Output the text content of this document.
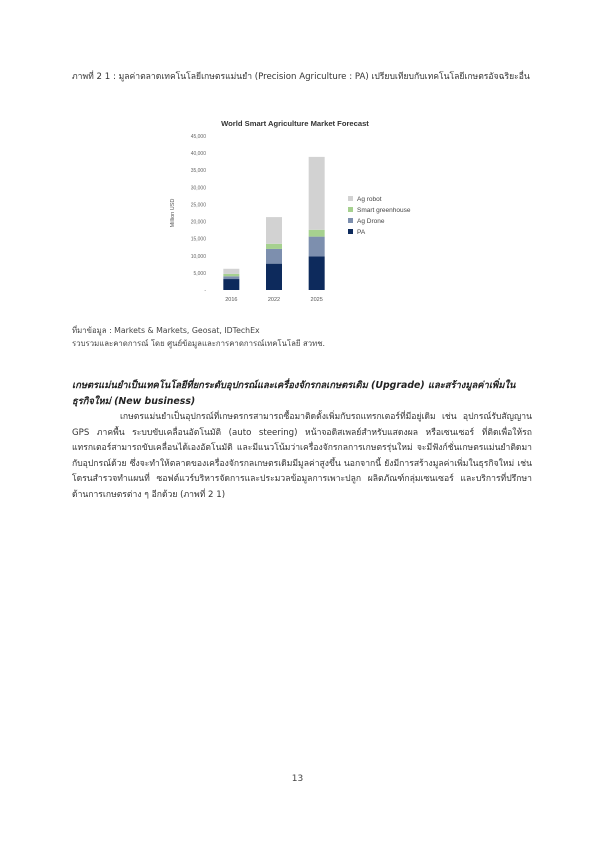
ภาพที่ 2 1 : มูลค่าตลาดเทคโนโลยีเกษตรแม่นยำ (Precision Agriculture : PA) เปรียบเทียบกับเทคโนโลยีเกษตรอัจฉริยะอื่น
World Smart Agriculture Market Forecast
-
5,000
10,000
15,000
20,000
25,000
30,000
35,000
40,000
45,000
Million USD
2016	2022	2025
Ag robot
Smart greenhouse
Ag Drone
PA
ที่มาข้อมูล : Markets & Markets, Geosat, IDTechEx
รวบรวมและคาดการณ์ โดย ศูนย์ข้อมูลและการคาดการณ์เทคโนโลยี สวทช.
เกษตรแม่นยำเป็นเทคโนโลยีที่ยกระดับอุปกรณ์และเครื่องจักรกลเกษตรเดิม (Upgrade) และสร้างมูลค่าเพิ่มในธุรกิจใหม่ (New business)
เกษตรแม่นยำเป็นอุปกรณ์ที่เกษตรกรสามารถซื้อมาติดตั้งเพิ่มกับรถแทรกเตอร์ที่มีอยู่เดิม เช่น อุปกรณ์รับสัญญาน GPS ภาคพื้น ระบบขับเคลื่อนอัตโนมัติ (auto steering) หน้าจอดิสเพลย์สำหรับแสดงผล หรือเซนเซอร์ ที่ติดเพื่อให้รถแทรกเตอร์สามารถขับเคลื่อนได้เองอัตโนมัติ และมีแนวโน้มว่าเครื่องจักรกลการเกษตรรุ่นใหม่ จะมีฟังก์ชั่นเกษตรแม่นยำติดมากับอุปกรณ์ด้วย ซึ่งจะทำให้ตลาดของเครื่องจักรกลเกษตรเดิมมีมูลค่าสูงขึ้น นอกจากนี้ ยังมีการสร้างมูลค่าเพิ่มในธุรกิจใหม่ เช่น โดรนสำรวจทำแผนที่ ซอฟต์แวร์บริหารจัดการและประมวลข้อมูลการเพาะปลูก ผลิตภัณฑ์กลุ่มเซนเซอร์ และบริการที่ปรึกษาด้านการเกษตรต่าง ๆ อีกด้วย (ภาพที่ 2 1)
13
